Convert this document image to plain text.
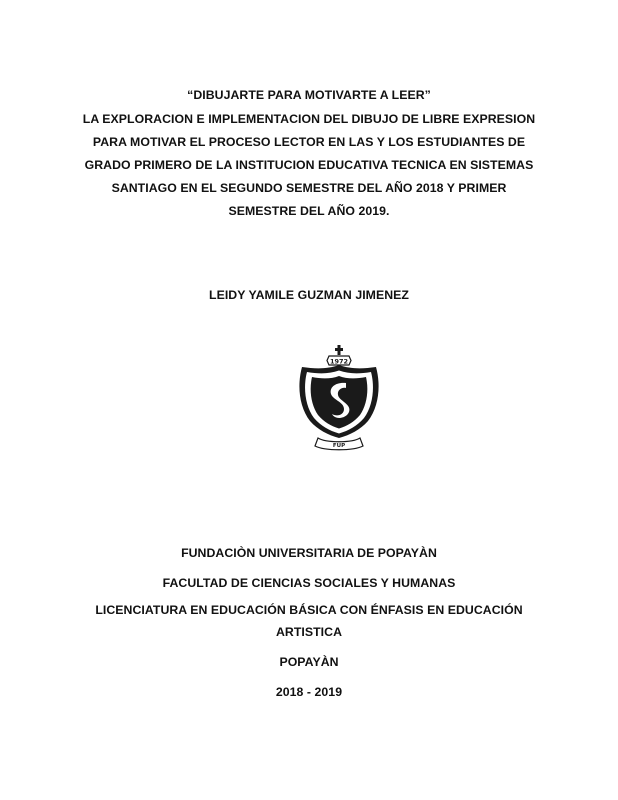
“DIBUJARTE PARA MOTIVARTE A LEER”
LA EXPLORACION E IMPLEMENTACION DEL DIBUJO DE LIBRE EXPRESION
PARA MOTIVAR EL PROCESO LECTOR EN LAS Y LOS ESTUDIANTES DE
GRADO PRIMERO DE LA INSTITUCION EDUCATIVA TECNICA EN SISTEMAS
SANTIAGO EN EL SEGUNDO SEMESTRE DEL AÑO 2018 Y PRIMER
SEMESTRE DEL AÑO 2019.
LEIDY YAMILE GUZMAN JIMENEZ
1972
FUP
FUNDACIÒN UNIVERSITARIA DE POPAYÀN
FACULTAD DE CIENCIAS SOCIALES Y HUMANAS
LICENCIATURA EN EDUCACIÓN BÁSICA CON ÉNFASIS EN EDUCACIÓN
ARTISTICA
POPAYÀN
2018 - 2019
